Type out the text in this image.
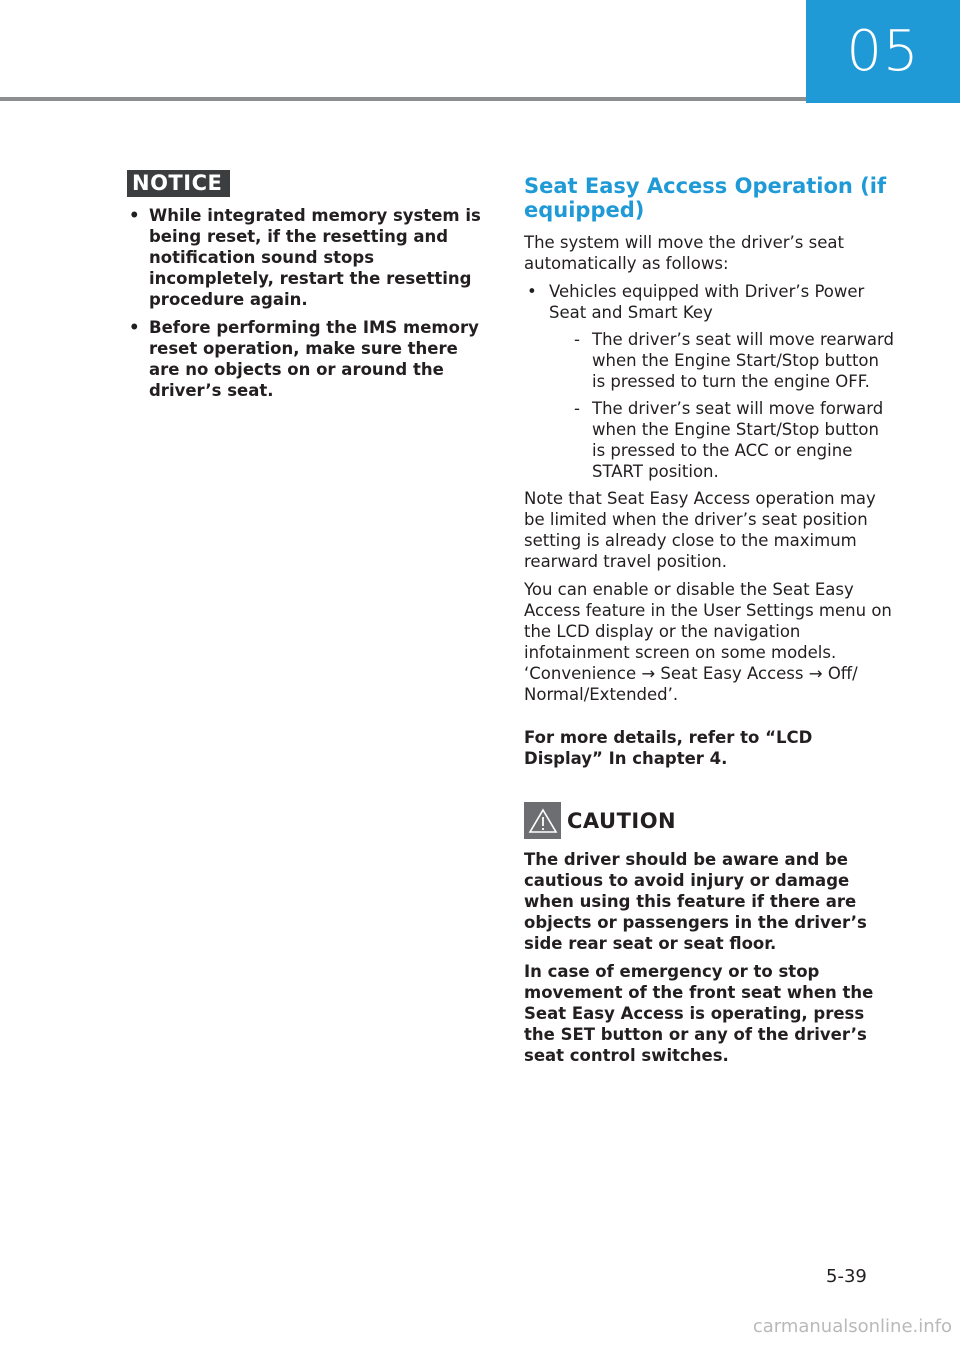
05
NOTICE
• While integrated memory system is being reset, if the resetting and notification sound stops incompletely, restart the resetting procedure again.
• Before performing the IMS memory reset operation, make sure there are no objects on or around the driver’s seat.
Seat Easy Access Operation (if equipped)

The system will move the driver’s seat automatically as follows:

• Vehicles equipped with Driver’s Power Seat and Smart Key
- The driver’s seat will move rearward when the Engine Start/Stop button is pressed to turn the engine OFF.
- The driver’s seat will move forward when the Engine Start/Stop button is pressed to the ACC or engine START position.

Note that Seat Easy Access operation may be limited when the driver’s seat position setting is already close to the maximum rearward travel position.

You can enable or disable the Seat Easy Access feature in the User Settings menu on the LCD display or the navigation infotainment screen on some models. ‘Convenience → Seat Easy Access → Off/ Normal/Extended’.

For more details, refer to “LCD Display” In chapter 4.

CAUTION

The driver should be aware and be cautious to avoid injury or damage when using this feature if there are objects or passengers in the driver’s side rear seat or seat floor.

In case of emergency or to stop movement of the front seat when the Seat Easy Access is operating, press the SET button or any of the driver’s seat control switches.

5-39
carmanualsonline.info
